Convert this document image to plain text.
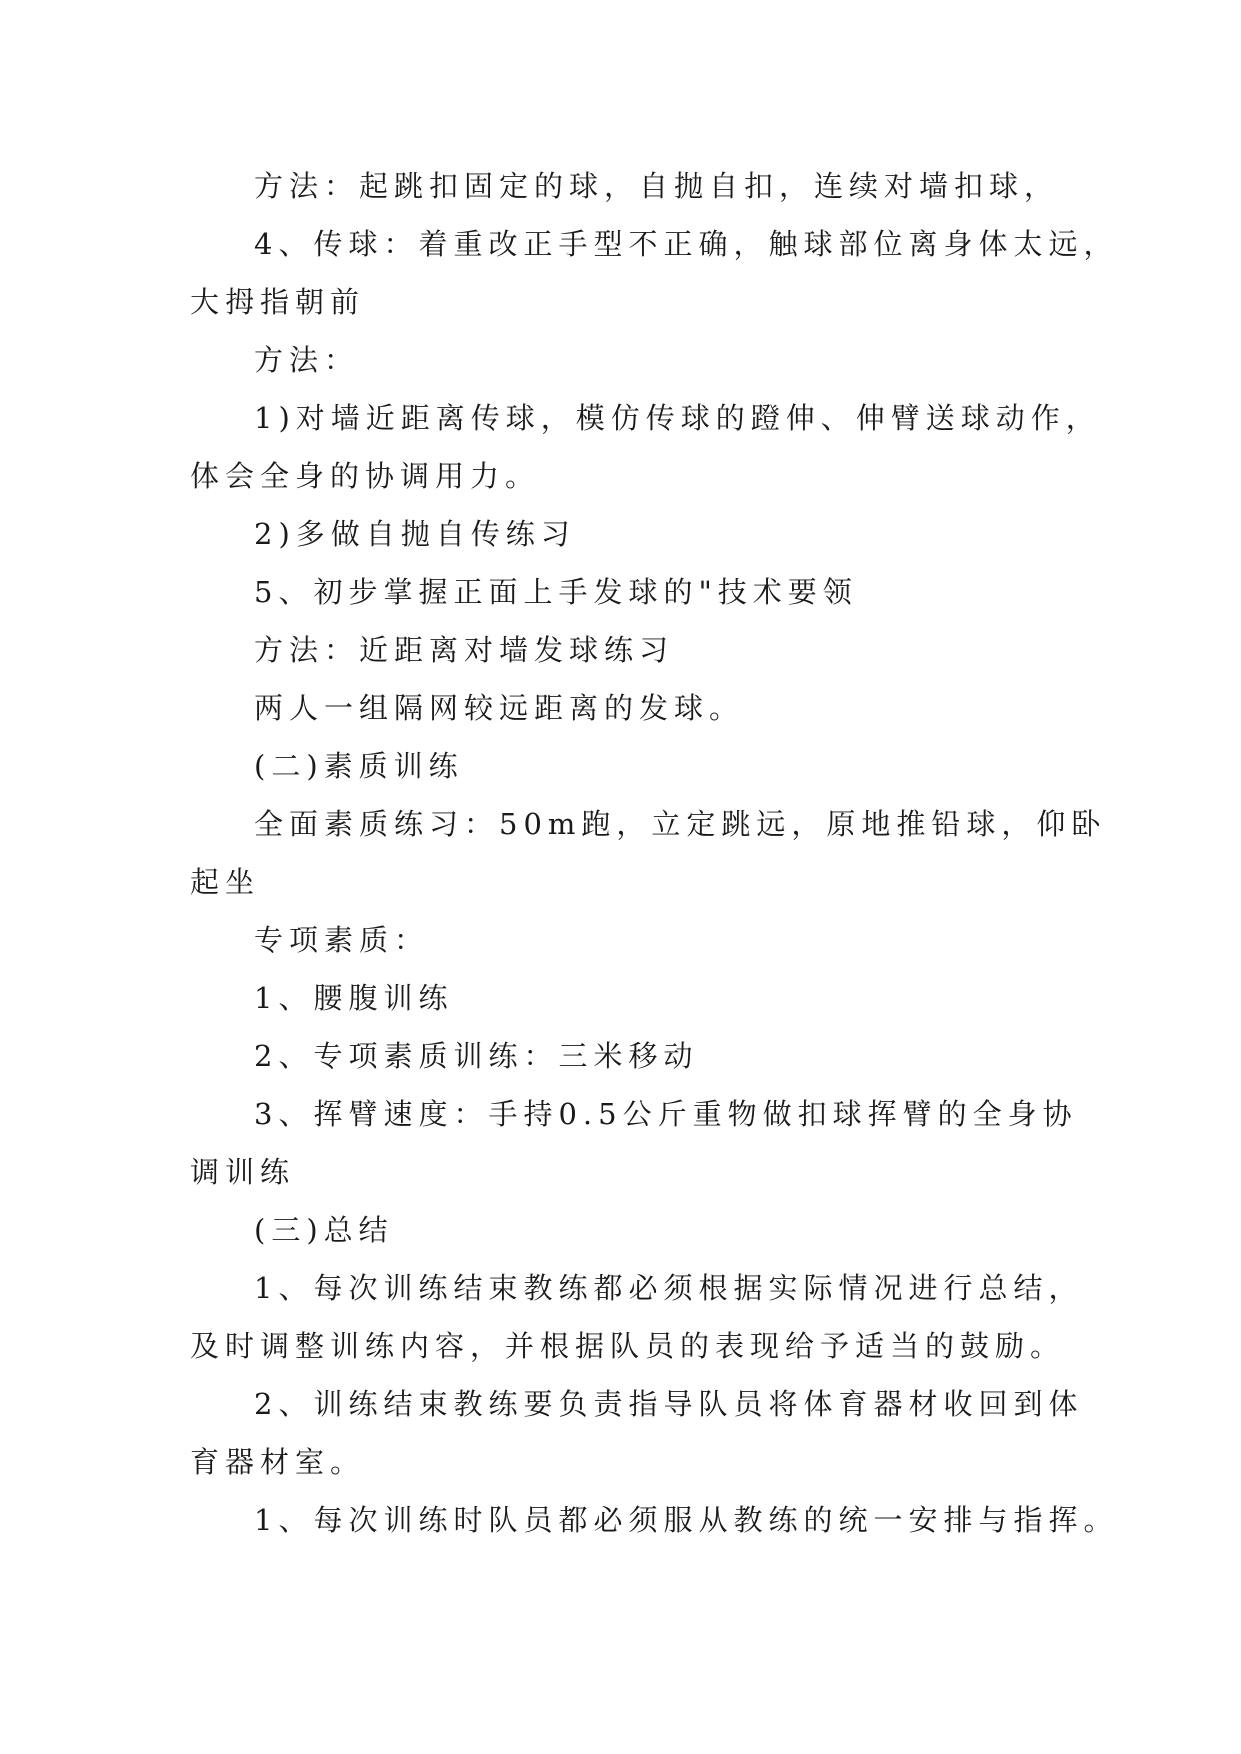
方法：起跳扣固定的球，自抛自扣，连续对墙扣球，
4、传球：着重改正手型不正确，触球部位离身体太远，
大拇指朝前
方法：
1)对墙近距离传球，模仿传球的蹬伸、伸臂送球动作，
体会全身的协调用力。
2)多做自抛自传练习
5、初步掌握正面上手发球的"技术要领
方法：近距离对墙发球练习
两人一组隔网较远距离的发球。
(二)素质训练
全面素质练习：50m跑，立定跳远，原地推铅球，仰卧
起坐
专项素质：
1、腰腹训练
2、专项素质训练：三米移动
3、挥臂速度：手持0.5公斤重物做扣球挥臂的全身协
调训练
(三)总结
1、每次训练结束教练都必须根据实际情况进行总结，
及时调整训练内容，并根据队员的表现给予适当的鼓励。
2、训练结束教练要负责指导队员将体育器材收回到体
育器材室。
1、每次训练时队员都必须服从教练的统一安排与指挥。
